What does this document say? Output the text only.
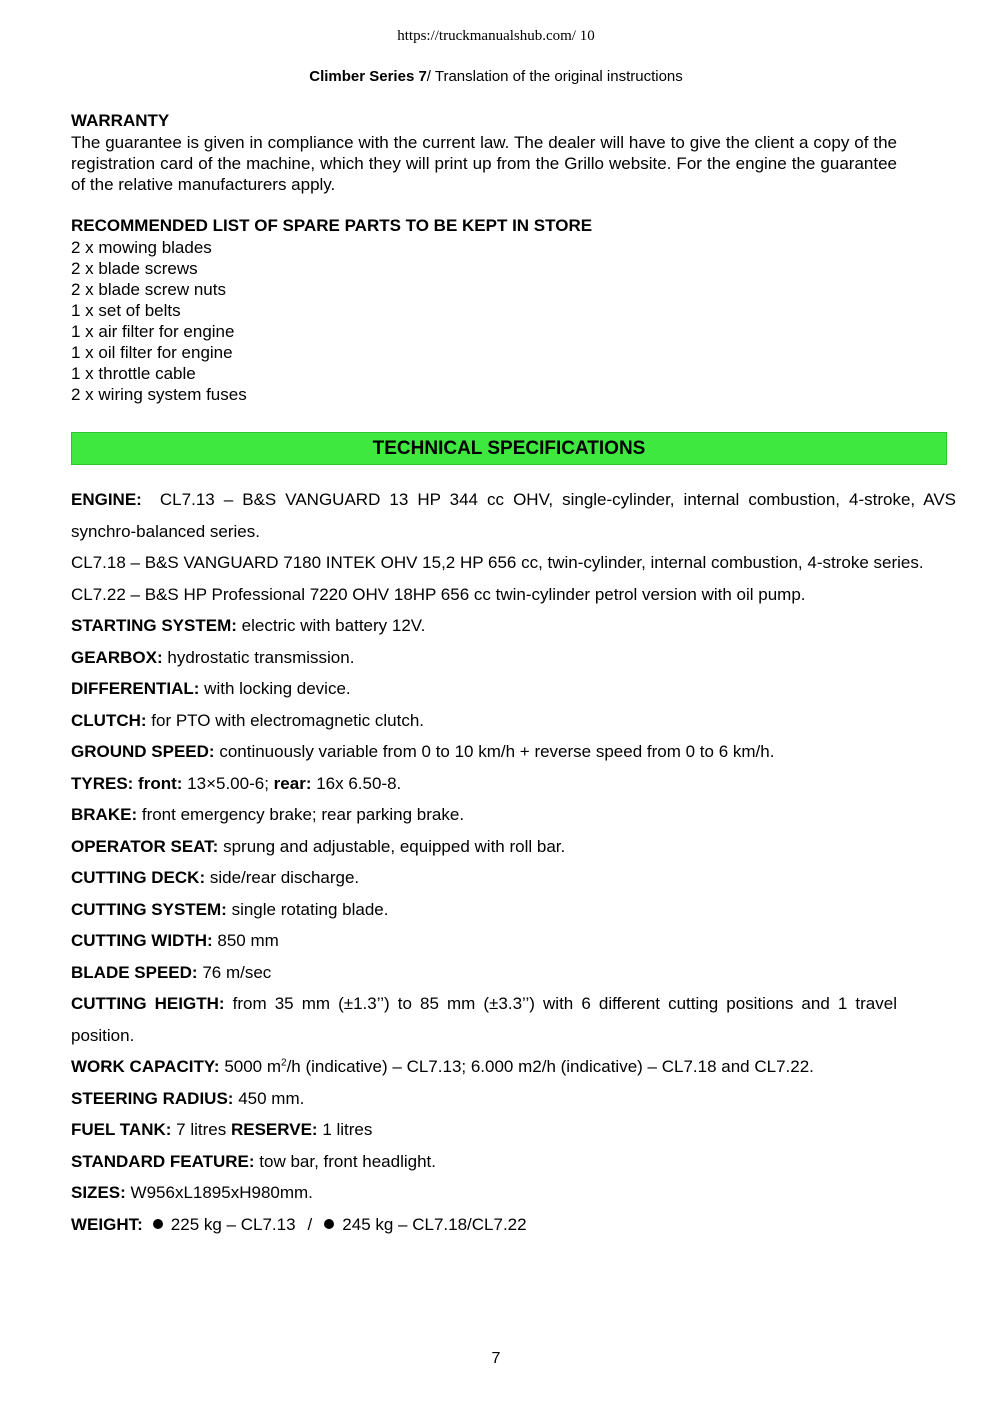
https://truckmanualshub.com/ 10
Climber Series 7/ Translation of the original instructions
WARRANTY
The guarantee is given in compliance with the current law. The dealer will have to give the client a copy of the registration card of the machine, which they will print up from the Grillo website. For the engine the guarantee of the relative manufacturers apply.
RECOMMENDED LIST OF SPARE PARTS TO BE KEPT IN STORE
2 x mowing blades
2 x blade screws
2 x blade screw nuts
1 x set of belts
1 x air filter for engine
1 x oil filter for engine
1 x throttle cable
2 x wiring system fuses
TECHNICAL SPECIFICATIONS

ENGINE: CL7.13 – B&S VANGUARD 13 HP 344 cc OHV, single-cylinder, internal combustion, 4-stroke, AVS synchro-balanced series.

CL7.18 – B&S VANGUARD 7180 INTEK OHV 15,2 HP 656 cc, twin-cylinder, internal combustion, 4-stroke series.

CL7.22 – B&S HP Professional 7220 OHV 18HP 656 cc twin-cylinder petrol version with oil pump.

STARTING SYSTEM: electric with battery 12V.

GEARBOX: hydrostatic transmission.

DIFFERENTIAL: with locking device.

CLUTCH: for PTO with electromagnetic clutch.

GROUND SPEED: continuously variable from 0 to 10 km/h + reverse speed from 0 to 6 km/h.

TYRES: front: 13×5.00-6; rear: 16x 6.50-8.

BRAKE: front emergency brake; rear parking brake.

OPERATOR SEAT: sprung and adjustable, equipped with roll bar.

CUTTING DECK: side/rear discharge.

CUTTING SYSTEM: single rotating blade.

CUTTING WIDTH: 850 mm

BLADE SPEED: 76 m/sec

CUTTING HEIGTH: from 35 mm (±1.3’’) to 85 mm (±3.3’’) with 6 different cutting positions and 1 travel position.

WORK CAPACITY: 5000 $m^2/h$ (indicative) – CL7.13; 6.000 m2/h (indicative) – CL7.18 and CL7.22.

STEERING RADIUS: 450 mm.

FUEL TANK: 7 litres RESERVE: 1 litres

STANDARD FEATURE: tow bar, front headlight.

SIZES: W956xL1895xH980mm.

WEIGHT: 225 kg – CL7.13 / 245 kg – CL7.18/CL7.22

7
